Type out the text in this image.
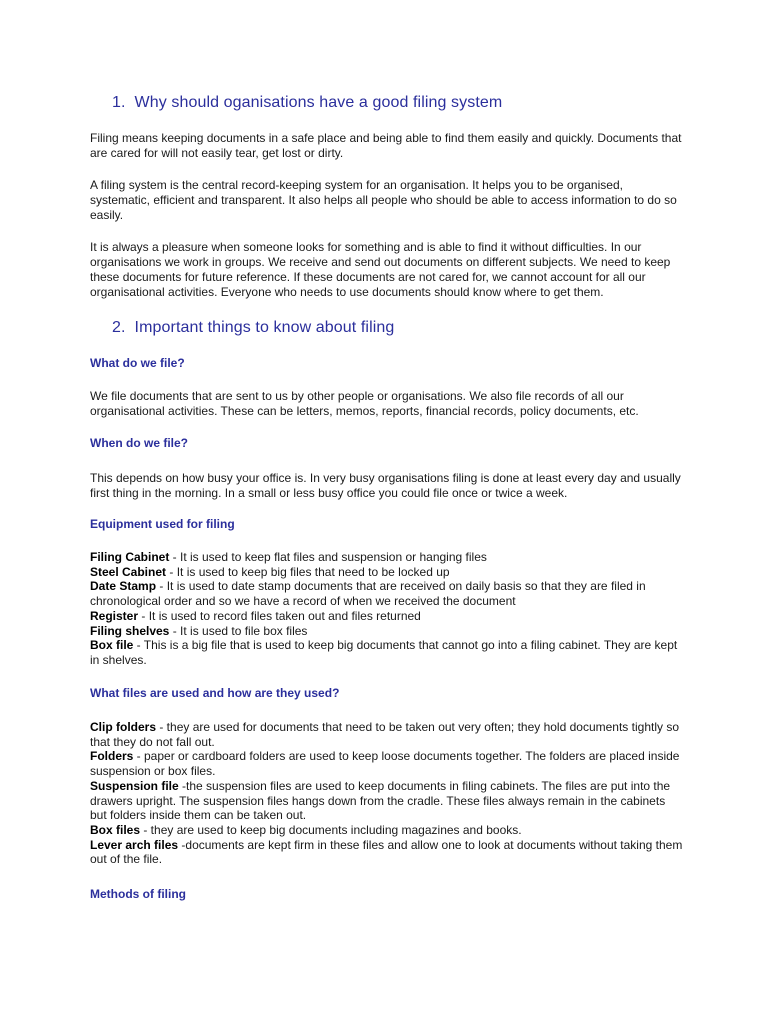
1. Why should oganisations have a good filing system

Filing means keeping documents in a safe place and being able to find them easily and quickly. Documents that are cared for will not easily tear, get lost or dirty.

A filing system is the central record-keeping system for an organisation. It helps you to be organised, systematic, efficient and transparent. It also helps all people who should be able to access information to do so easily.

It is always a pleasure when someone looks for something and is able to find it without difficulties. In our organisations we work in groups. We receive and send out documents on different subjects. We need to keep these documents for future reference. If these documents are not cared for, we cannot account for all our organisational activities. Everyone who needs to use documents should know where to get them.

2. Important things to know about filing
What do we file?

We file documents that are sent to us by other people or organisations. We also file records of all our organisational activities. These can be letters, memos, reports, financial records, policy documents, etc.

When do we file?

This depends on how busy your office is. In very busy organisations filing is done at least every day and usually first thing in the morning. In a small or less busy office you could file once or twice a week.

Equipment used for filing
Filing Cabinet - It is used to keep flat files and suspension or hanging files
Steel Cabinet - It is used to keep big files that need to be locked up
Date Stamp - It is used to date stamp documents that are received on daily basis so that they are filed in chronological order and so we have a record of when we received the document
Register - It is used to record files taken out and files returned
Filing shelves - It is used to file box files
Box file - This is a big file that is used to keep big documents that cannot go into a filing cabinet. They are kept in shelves.
What files are used and how are they used?
Clip folders - they are used for documents that need to be taken out very often; they hold documents tightly so that they do not fall out.
Folders - paper or cardboard folders are used to keep loose documents together. The folders are placed inside suspension or box files.
Suspension file -the suspension files are used to keep documents in filing cabinets. The files are put into the drawers upright. The suspension files hangs down from the cradle. These files always remain in the cabinets but folders inside them can be taken out.
Box files - they are used to keep big documents including magazines and books.
Lever arch files -documents are kept firm in these files and allow one to look at documents without taking them out of the file.
Methods of filing
